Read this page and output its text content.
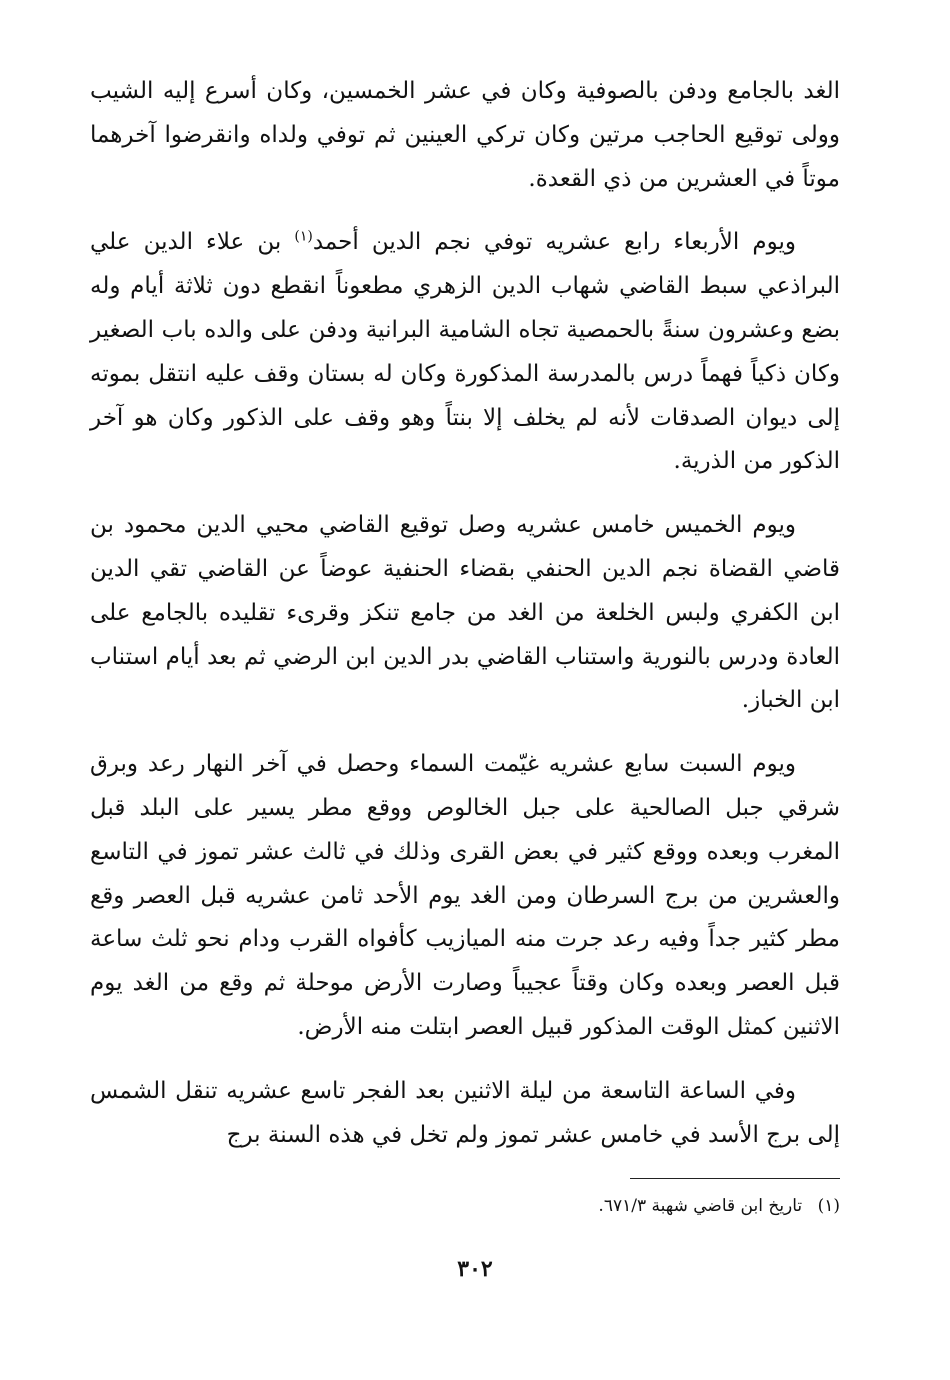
الغد بالجامع ودفن بالصوفية وكان في عشر الخمسين، وكان أسرع إليه الشيب وولى توقيع الحاجب مرتين وكان تركي العينين ثم توفي ولداه وانقرضوا آخرهما موتاً في العشرين من ذي القعدة.

ويوم الأربعاء رابع عشريه توفي نجم الدين أحمد$^{(١)}$ بن علاء الدين علي البراذعي سبط القاضي شهاب الدين الزهري مطعوناً انقطع دون ثلاثة أيام وله بضع وعشرون سنةً بالحمصية تجاه الشامية البرانية ودفن على والده باب الصغير وكان ذكياً فهماً درس بالمدرسة المذكورة وكان له بستان وقف عليه انتقل بموته إلى ديوان الصدقات لأنه لم يخلف إلا بنتاً وهو وقف على الذكور وكان هو آخر الذكور من الذرية.

ويوم الخميس خامس عشريه وصل توقيع القاضي محيي الدين محمود بن قاضي القضاة نجم الدين الحنفي بقضاء الحنفية عوضاً عن القاضي تقي الدين ابن الكفري ولبس الخلعة من الغد من جامع تنكز وقرىء تقليده بالجامع على العادة ودرس بالنورية واستناب القاضي بدر الدين ابن الرضي ثم بعد أيام استناب ابن الخباز.

ويوم السبت سابع عشريه غيّمت السماء وحصل في آخر النهار رعد وبرق شرقي جبل الصالحية على جبل الخالوص ووقع مطر يسير على البلد قبل المغرب وبعده ووقع كثير في بعض القرى وذلك في ثالث عشر تموز في التاسع والعشرين من برج السرطان ومن الغد يوم الأحد ثامن عشريه قبل العصر وقع مطر كثير جداً وفيه رعد جرت منه الميازيب كأفواه القرب ودام نحو ثلث ساعة قبل العصر وبعده وكان وقتاً عجيباً وصارت الأرض موحلة ثم وقع من الغد يوم الاثنين كمثل الوقت المذكور قبيل العصر ابتلت منه الأرض.

وفي الساعة التاسعة من ليلة الاثنين بعد الفجر تاسع عشريه تنقل الشمس إلى برج الأسد في خامس عشر تموز ولم تخل في هذه السنة برج

(١) تاريخ ابن قاضي شهبة ٦٧١/٣.
٣٠٢
